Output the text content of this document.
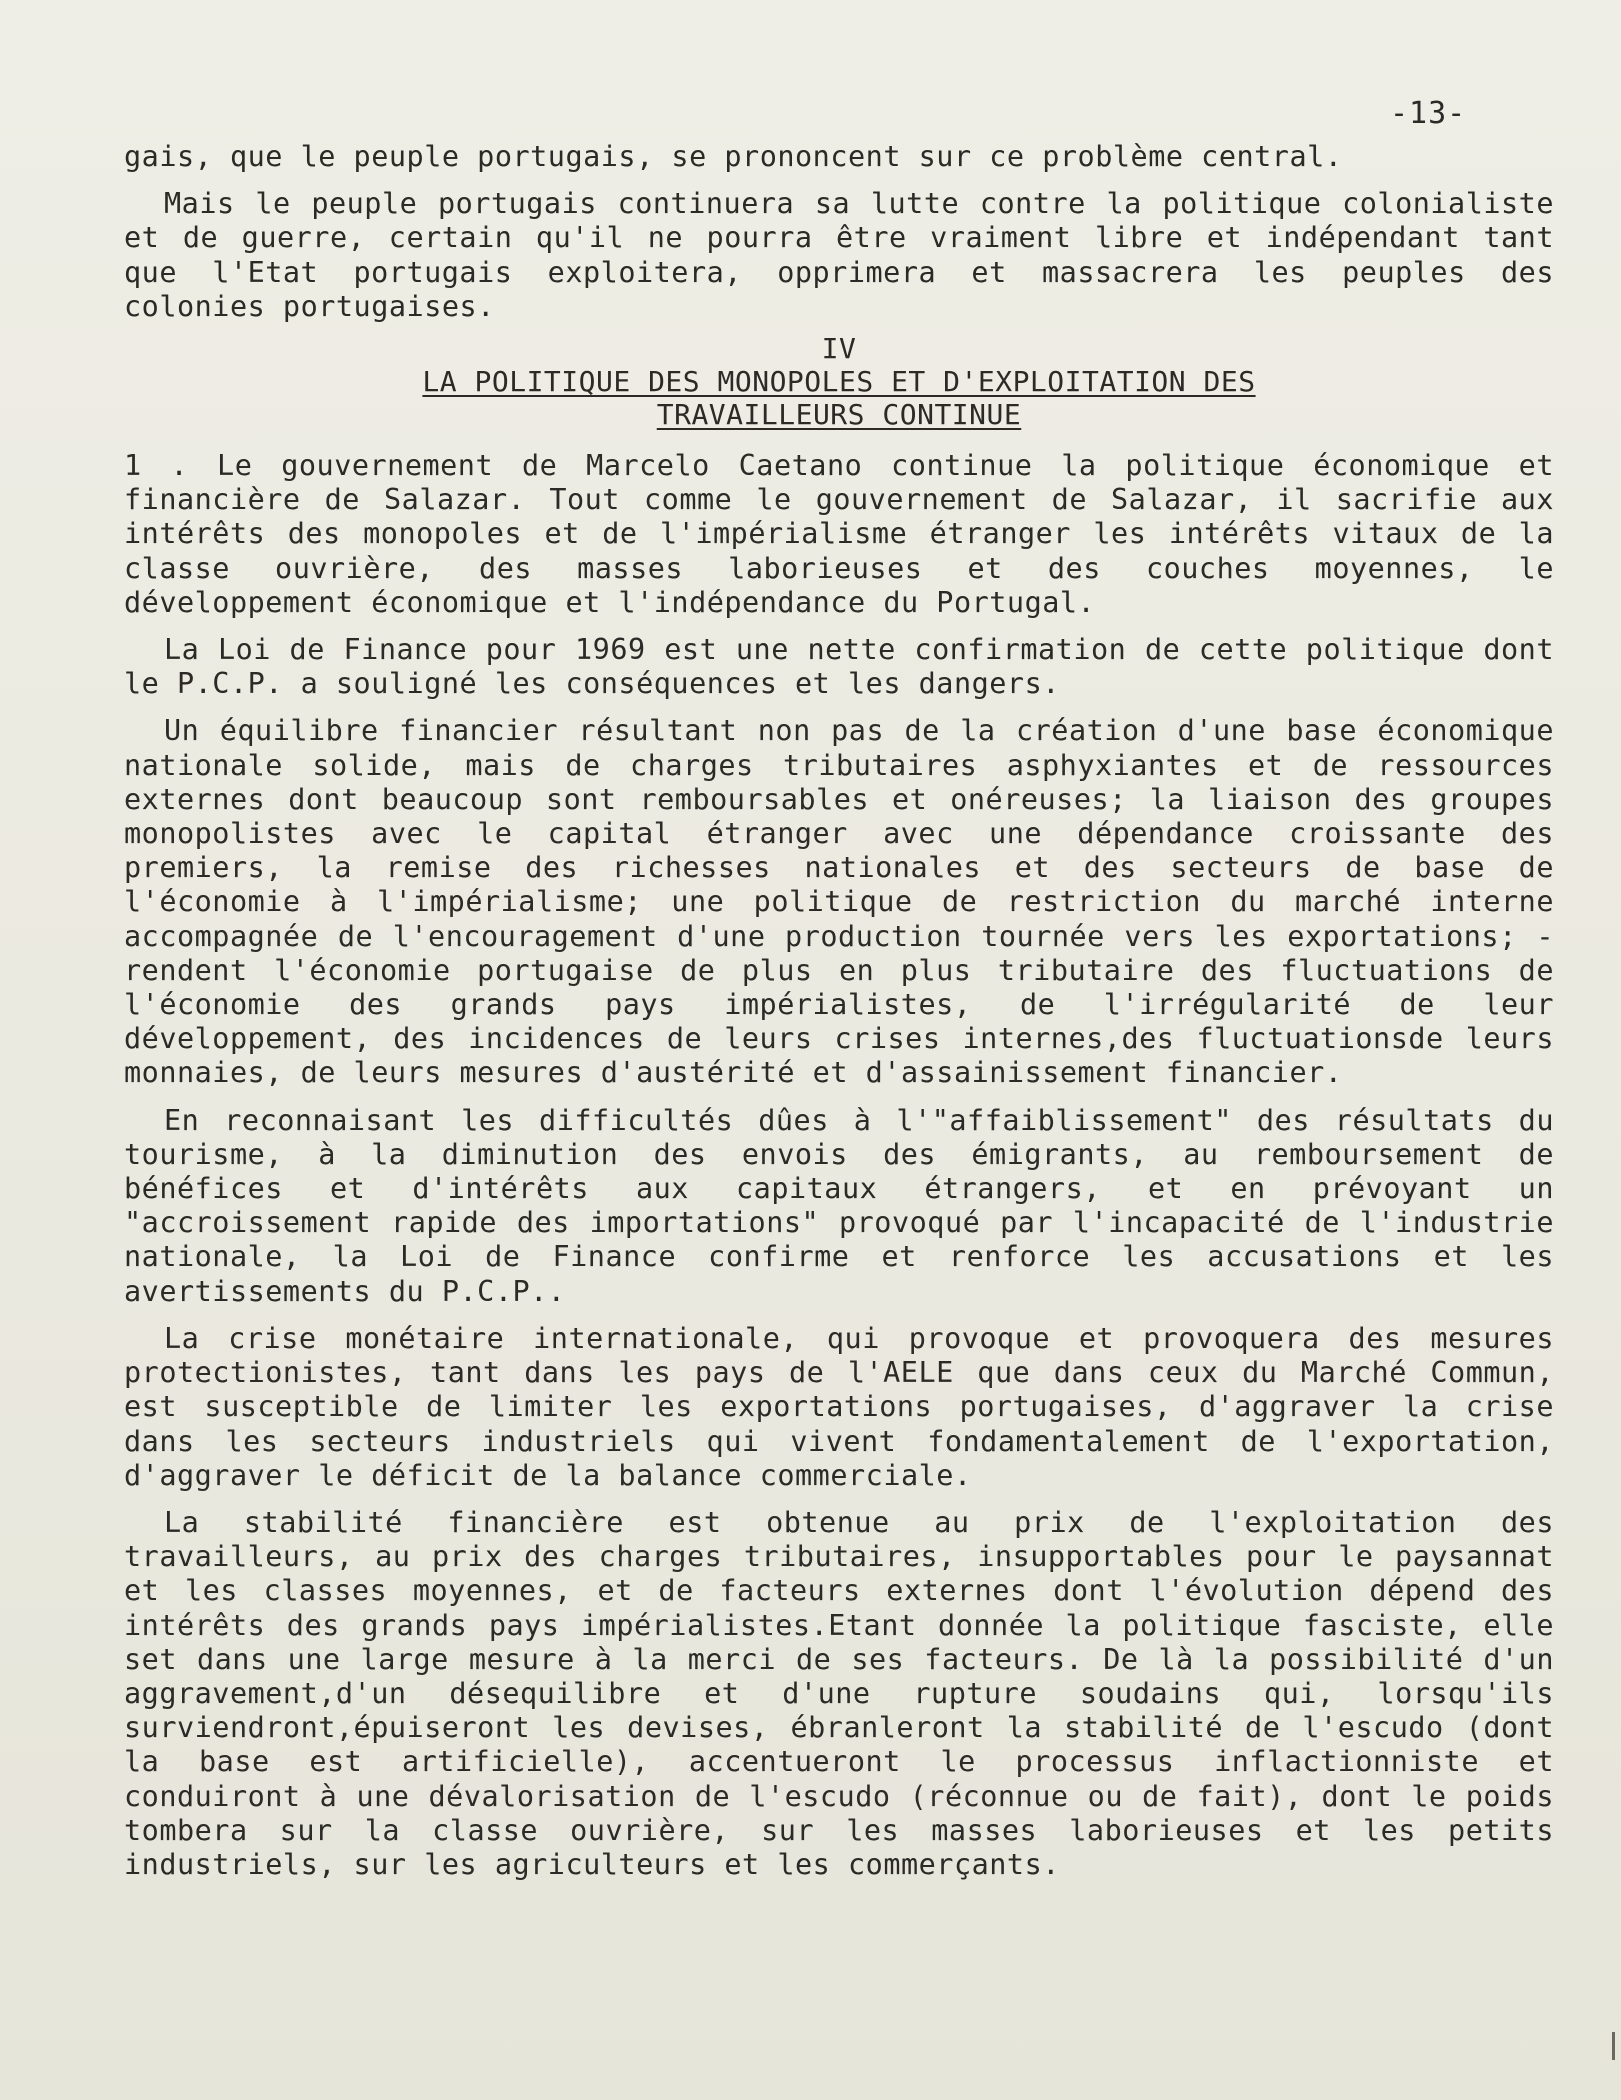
-13-

gais, que le peuple portugais, se prononcent sur ce problème central.

Mais le peuple portugais continuera sa lutte contre la politique colonialiste et de guerre, certain qu'il ne pourra être vraiment libre et indépendant tant que l'Etat portugais exploitera, opprimera et massacrera les peuples des colonies portugaises.

IV

LA POLITIQUE DES MONOPOLES ET D'EXPLOITATION DES

TRAVAILLEURS CONTINUE

1 . Le gouvernement de Marcelo Caetano continue la politique économique et financière de Salazar. Tout comme le gouvernement de Salazar, il sacrifie aux intérêts des monopoles et de l'impérialisme étranger les intérêts vitaux de la classe ouvrière, des masses laborieuses et des couches moyennes, le développement économique et l'indépendance du Portugal.

La Loi de Finance pour 1969 est une nette confirmation de cette politique dont le P.C.P. a souligné les conséquences et les dangers.

Un équilibre financier résultant non pas de la création d'une base économique nationale solide, mais de charges tributaires asphyxiantes et de ressources externes dont beaucoup sont remboursables et onéreuses; la liaison des groupes monopolistes avec le capital étranger avec une dépendance croissante des premiers, la remise des richesses nationales et des secteurs de base de l'économie à l'impérialisme; une politique de restriction du marché interne accompagnée de l'encouragement d'une production tournée vers les exportations; - rendent l'économie portugaise de plus en plus tributaire des fluctuations de l'économie des grands pays impérialistes, de l'irrégularité de leur développement, des incidences de leurs crises internes,des fluctuationsde leurs monnaies, de leurs mesures d'austérité et d'assainissement financier.

En reconnaisant les difficultés dûes à l'"affaiblissement" des résultats du tourisme, à la diminution des envois des émigrants, au remboursement de bénéfices et d'intérêts aux capitaux étrangers, et en prévoyant un "accroissement rapide des importations" provoqué par l'incapacité de l'industrie nationale, la Loi de Finance confirme et renforce les accusations et les avertissements du P.C.P..

La crise monétaire internationale, qui provoque et provoquera des mesures protectionistes, tant dans les pays de l'AELE que dans ceux du Marché Commun, est susceptible de limiter les exportations portugaises, d'aggraver la crise dans les secteurs industriels qui vivent fondamentalement de l'exportation, d'aggraver le déficit de la balance commerciale.

La stabilité financière est obtenue au prix de l'exploitation des travailleurs, au prix des charges tributaires, insupportables pour le paysannat et les classes moyennes, et de facteurs externes dont l'évolution dépend des intérêts des grands pays impérialistes.Etant donnée la politique fasciste, elle set dans une large mesure à la merci de ses facteurs. De là la possibilité d'un aggravement,d'un désequilibre et d'une rupture soudains qui, lorsqu'ils surviendront,épuiseront les devises, ébranleront la stabilité de l'escudo (dont la base est artificielle), accentueront le processus inflactionniste et conduiront à une dévalorisation de l'escudo (réconnue ou de fait), dont le poids tombera sur la classe ouvrière, sur les masses laborieuses et les petits industriels, sur les agriculteurs et les commerçants.
